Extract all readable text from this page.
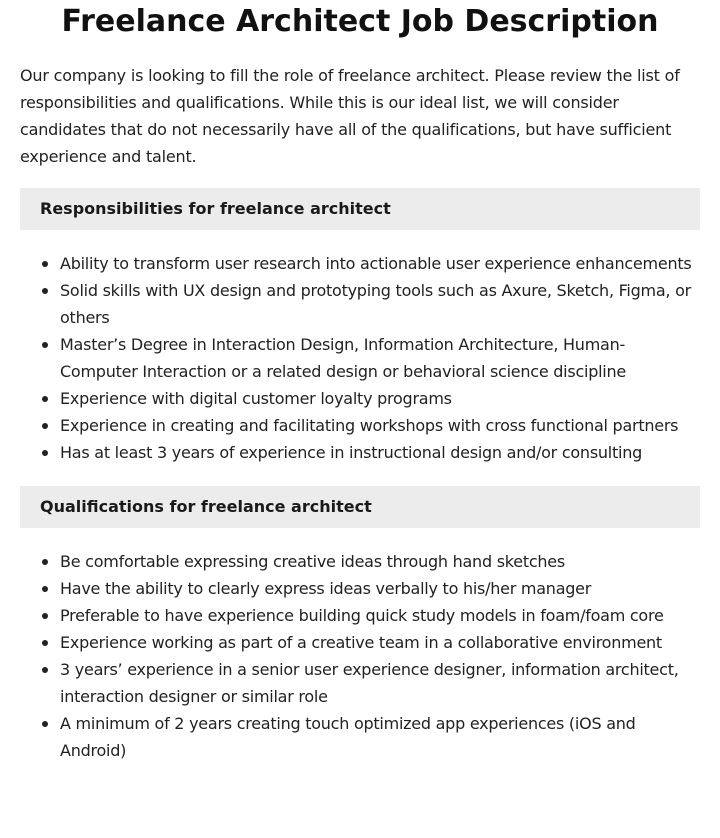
Freelance Architect Job Description

Our company is looking to fill the role of freelance architect. Please review the list of responsibilities and qualifications. While this is our ideal list, we will consider candidates that do not necessarily have all of the qualifications, but have sufficient experience and talent.

Responsibilities for freelance architect
Ability to transform user research into actionable user experience enhancements
Solid skills with UX design and prototyping tools such as Axure, Sketch, Figma, or others
Master’s Degree in Interaction Design, Information Architecture, Human-Computer Interaction or a related design or behavioral science discipline
Experience with digital customer loyalty programs
Experience in creating and facilitating workshops with cross functional partners
Has at least 3 years of experience in instructional design and/or consulting
Qualifications for freelance architect
Be comfortable expressing creative ideas through hand sketches
Have the ability to clearly express ideas verbally to his/her manager
Preferable to have experience building quick study models in foam/foam core
Experience working as part of a creative team in a collaborative environment
3 years’ experience in a senior user experience designer, information architect, interaction designer or similar role
A minimum of 2 years creating touch optimized app experiences (iOS and Android)
